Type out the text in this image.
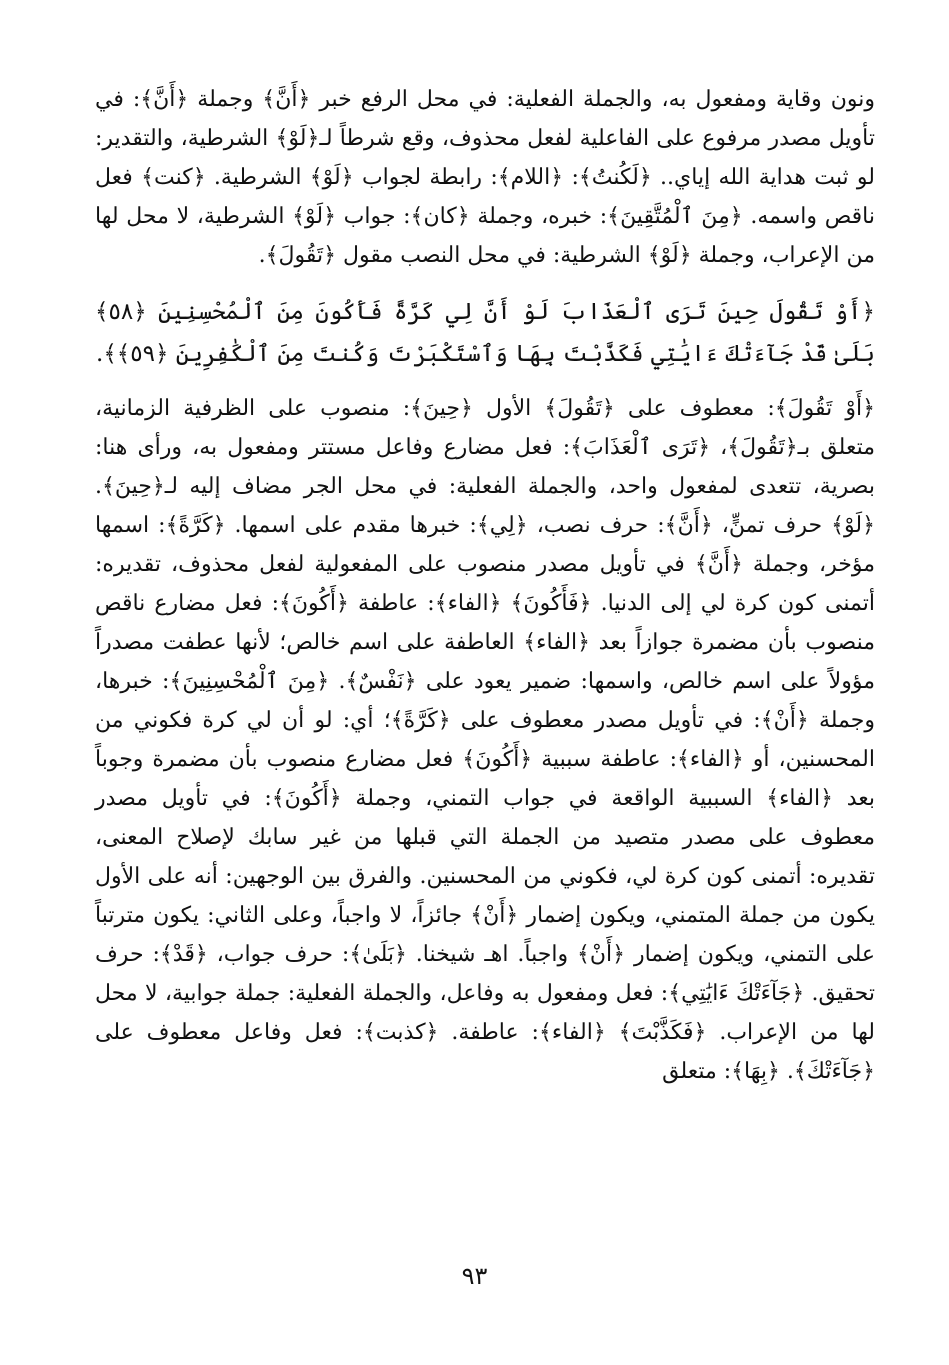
ونون وقاية ومفعول به، والجملة الفعلية: في محل الرفع خبر ﴿أَنَّ﴾ وجملة ﴿أَنَّ﴾: في تأويل مصدر مرفوع على الفاعلية لفعل محذوف، وقع شرطاً لـ﴿لَوْ﴾ الشرطية، والتقدير: لو ثبت هداية الله إياي.. ﴿لَكُنتُ﴾: ﴿اللام﴾: رابطة لجواب ﴿لَوْ﴾ الشرطية. ﴿كنت﴾ فعل ناقص واسمه. ﴿مِنَ ٱلْمُتَّقِينَ﴾: خبره، وجملة ﴿كان﴾: جواب ﴿لَوْ﴾ الشرطية، لا محل لها من الإعراب، وجملة ﴿لَوْ﴾ الشرطية: في محل النصب مقول ﴿تَقُولَ﴾.

﴿أَوْ تَقُولَ حِينَ تَرَى ٱلْعَذَابَ لَوْ أَنَّ لِي كَرَّةً فَأَكُونَ مِنَ ٱلْمُحْسِنِينَ ﴿٥٨﴾ بَلَىٰ قَدْ جَآءَتْكَ ءَايَٰتِي فَكَذَّبْتَ بِهَا وَٱسْتَكْبَرْتَ وَكُنتَ مِنَ ٱلْكَٰفِرِينَ ﴿٥٩﴾﴾.

﴿أَوْ تَقُولَ﴾: معطوف على ﴿تَقُولَ﴾ الأول ﴿حِينَ﴾: منصوب على الظرفية الزمانية، متعلق بـ﴿تَقُولَ﴾، ﴿تَرَى ٱلْعَذَابَ﴾: فعل مضارع وفاعل مستتر ومفعول به، ورأى هنا: بصرية، تتعدى لمفعول واحد، والجملة الفعلية: في محل الجر مضاف إليه لـ﴿حِينَ﴾. ﴿لَوْ﴾ حرف تمنٍّ، ﴿أَنَّ﴾: حرف نصب، ﴿لِي﴾: خبرها مقدم على اسمها. ﴿كَرَّةً﴾: اسمها مؤخر، وجملة ﴿أَنَّ﴾ في تأويل مصدر منصوب على المفعولية لفعل محذوف، تقديره: أتمنى كون كرة لي إلى الدنيا. ﴿فَأَكُونَ﴾ ﴿الفاء﴾: عاطفة ﴿أَكُونَ﴾: فعل مضارع ناقص منصوب بأن مضمرة جوازاً بعد ﴿الفاء﴾ العاطفة على اسم خالص؛ لأنها عطفت مصدراً مؤولاً على اسم خالص، واسمها: ضمير يعود على ﴿نَفْسٌ﴾. ﴿مِنَ ٱلْمُحْسِنِينَ﴾: خبرها، وجملة ﴿أَنْ﴾: في تأويل مصدر معطوف على ﴿كَرَّةً﴾؛ أي: لو أن لي كرة فكوني من المحسنين، أو ﴿الفاء﴾: عاطفة سببية ﴿أَكُونَ﴾ فعل مضارع منصوب بأن مضمرة وجوباً بعد ﴿الفاء﴾ السببية الواقعة في جواب التمني، وجملة ﴿أَكُونَ﴾: في تأويل مصدر معطوف على مصدر متصيد من الجملة التي قبلها من غير سابك لإصلاح المعنى، تقديره: أتمنى كون كرة لي، فكوني من المحسنين. والفرق بين الوجهين: أنه على الأول يكون من جملة المتمني، ويكون إضمار ﴿أَنْ﴾ جائزاً، لا واجباً، وعلى الثاني: يكون مترتباً على التمني، ويكون إضمار ﴿أَنْ﴾ واجباً. اهـ شيخنا. ﴿بَلَىٰ﴾: حرف جواب، ﴿قَدْ﴾: حرف تحقيق. ﴿جَآءَتْكَ ءَايَٰتِي﴾: فعل ومفعول به وفاعل، والجملة الفعلية: جملة جوابية، لا محل لها من الإعراب. ﴿فَكَذَّبْتَ﴾ ﴿الفاء﴾: عاطفة. ﴿كذبت﴾: فعل وفاعل معطوف على ﴿جَآءَتْكَ﴾. ﴿بِهَا﴾: متعلق

٩٣
